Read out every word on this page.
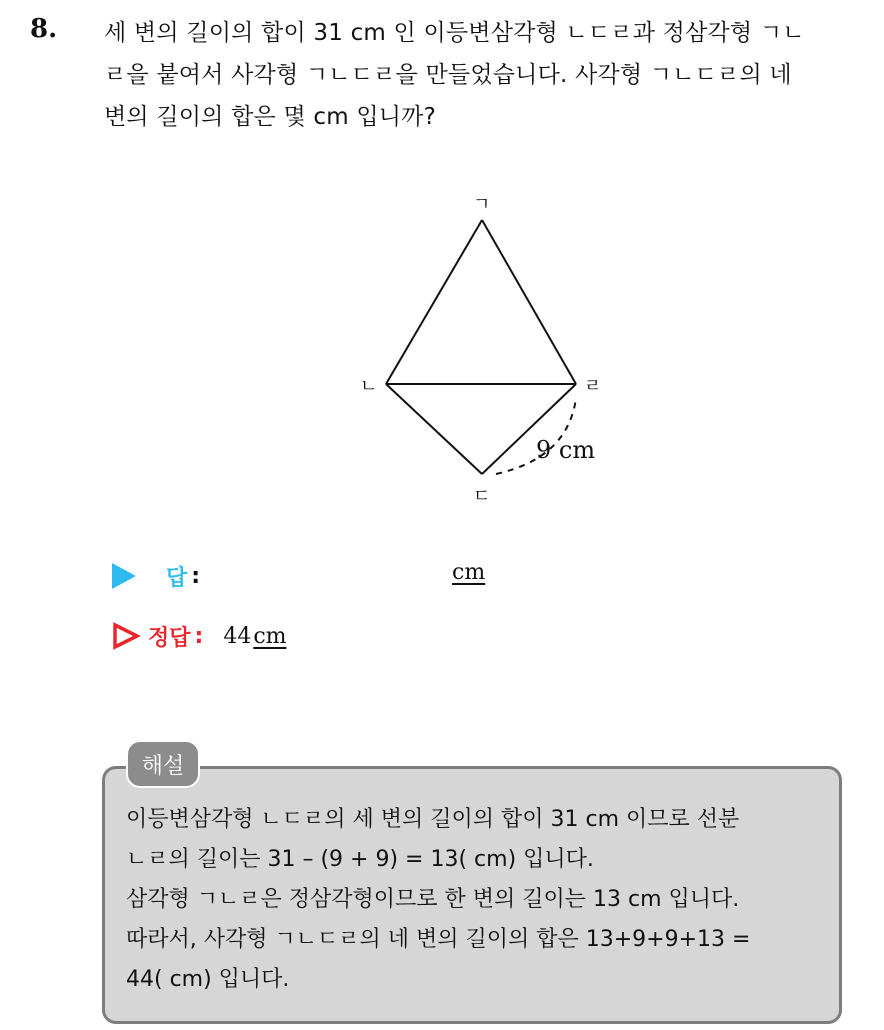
8. 세 변의 길이의 합이 31 cm 인 이등변삼각형 ㄴㄷㄹ과 정삼각형 ㄱㄴ
ㄹ을 붙여서 사각형 ㄱㄴㄷㄹ을 만들었습니다. 사각형 ㄱㄴㄷㄹ의 네
변의 길이의 합은 몇 cm 입니까?
ㄱ
ㄴ	ㄹ
ㄷ
9 cm
답 :	cm
정답 : 44 cm
해설
이등변삼각형 ㄴㄷㄹ의 세 변의 길이의 합이 31 cm 이므로 선분
ㄴㄹ의 길이는 31 – (9 + 9) = 13( cm) 입니다.
삼각형 ㄱㄴㄹ은 정삼각형이므로 한 변의 길이는 13 cm 입니다.
따라서, 사각형 ㄱㄴㄷㄹ의 네 변의 길이의 합은 13+9+9+13 =
44( cm) 입니다.
